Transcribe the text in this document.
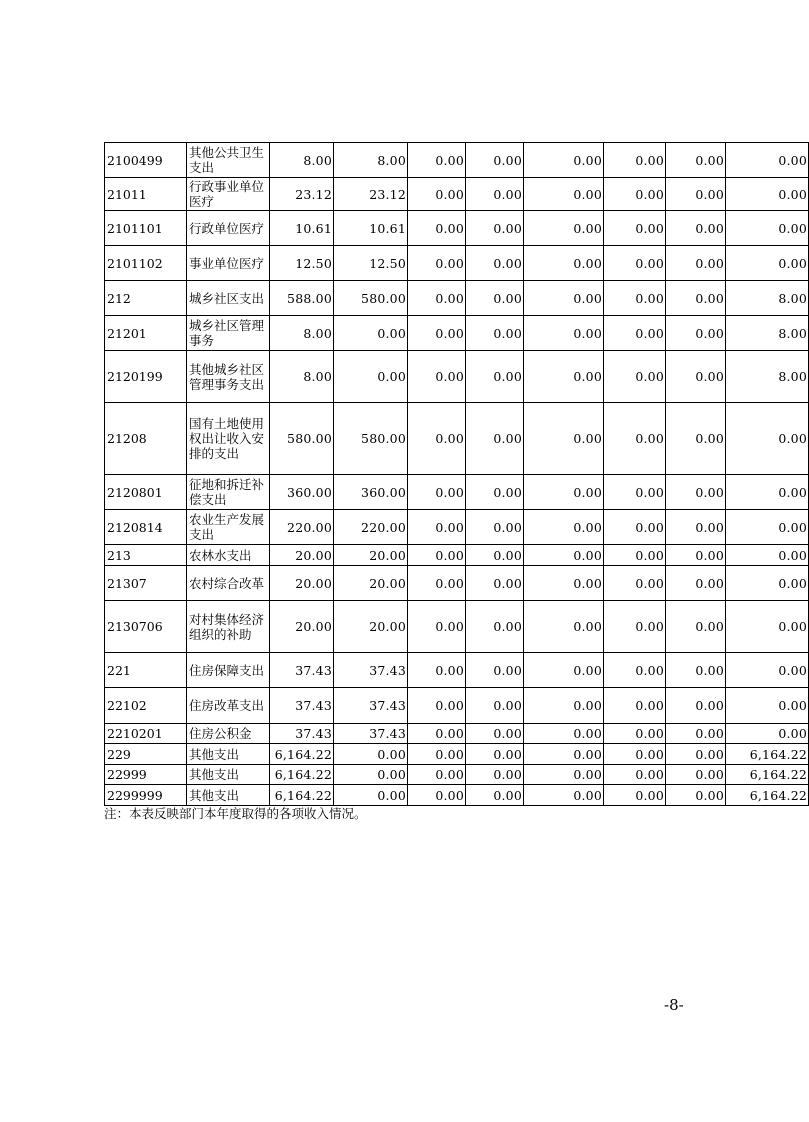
2100499	其他公共卫生支出	8.00	8.00	0.00	0.00	0.00	0.00	0.00	0.00
21011	行政事业单位医疗	23.12	23.12	0.00	0.00	0.00	0.00	0.00	0.00
2101101	行政单位医疗	10.61	10.61	0.00	0.00	0.00	0.00	0.00	0.00
2101102	事业单位医疗	12.50	12.50	0.00	0.00	0.00	0.00	0.00	0.00
212	城乡社区支出	588.00	580.00	0.00	0.00	0.00	0.00	0.00	8.00
21201	城乡社区管理事务	8.00	0.00	0.00	0.00	0.00	0.00	0.00	8.00
2120199	其他城乡社区管理事务支出	8.00	0.00	0.00	0.00	0.00	0.00	0.00	8.00
21208	国有土地使用权出让收入安排的支出	580.00	580.00	0.00	0.00	0.00	0.00	0.00	0.00
2120801	征地和拆迁补偿支出	360.00	360.00	0.00	0.00	0.00	0.00	0.00	0.00
2120814	农业生产发展支出	220.00	220.00	0.00	0.00	0.00	0.00	0.00	0.00
213	农林水支出	20.00	20.00	0.00	0.00	0.00	0.00	0.00	0.00
21307	农村综合改革	20.00	20.00	0.00	0.00	0.00	0.00	0.00	0.00
2130706	对村集体经济组织的补助	20.00	20.00	0.00	0.00	0.00	0.00	0.00	0.00
221	住房保障支出	37.43	37.43	0.00	0.00	0.00	0.00	0.00	0.00
22102	住房改革支出	37.43	37.43	0.00	0.00	0.00	0.00	0.00	0.00
2210201	住房公积金	37.43	37.43	0.00	0.00	0.00	0.00	0.00	0.00
229	其他支出	6,164.22	0.00	0.00	0.00	0.00	0.00	0.00	6,164.22
22999	其他支出	6,164.22	0.00	0.00	0.00	0.00	0.00	0.00	6,164.22
2299999	其他支出	6,164.22	0.00	0.00	0.00	0.00	0.00	0.00	6,164.22
注：本表反映部门本年度取得的各项收入情况。
-8-
